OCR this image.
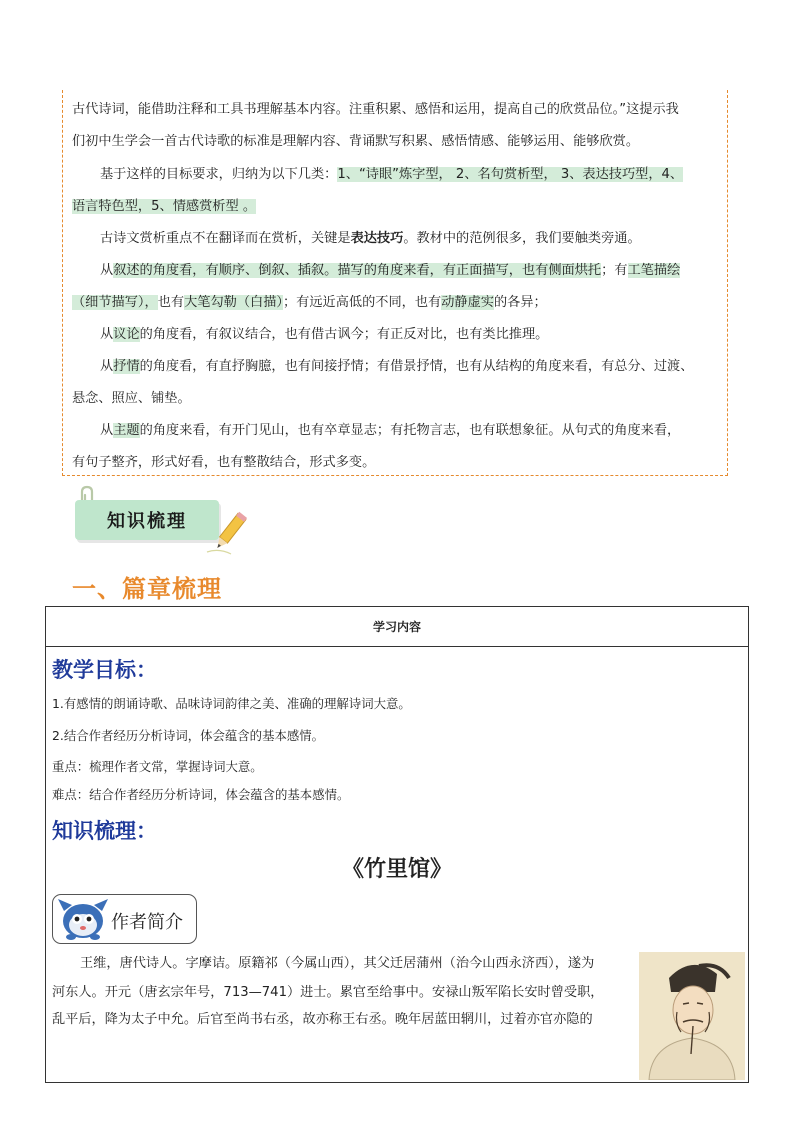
古代诗词，能借助注释和工具书理解基本内容。注重积累、感悟和运用，提高自己的欣赏品位。”这提示我
们初中生学会一首古代诗歌的标准是理解内容、背诵默写积累、感悟情感、能够运用、能够欣赏。
基于这样的目标要求，归纳为以下几类：1、“诗眼”炼字型， 2、名句赏析型， 3、表达技巧型，4、
语言特色型，5、情感赏析型 。
古诗文赏析重点不在翻译而在赏析，关键是表达技巧。教材中的范例很多，我们要触类旁通。
从叙述的角度看，有顺序、倒叙、插叙。描写的角度来看，有正面描写，也有侧面烘托；有工笔描绘
（细节描写），也有大笔勾勒（白描）；有远近高低的不同，也有动静虚实的各异；
从议论的角度看，有叙议结合，也有借古讽今；有正反对比，也有类比推理。
从抒情的角度看，有直抒胸臆，也有间接抒情；有借景抒情，也有从结构的角度来看，有总分、过渡、
悬念、照应、铺垫。
从主题的角度来看，有开门见山，也有卒章显志；有托物言志，也有联想象征。从句式的角度来看，
有句子整齐，形式好看，也有整散结合，形式多变。
知识梳理
一、篇章梳理
学习内容
教学目标：
1.有感情的朗诵诗歌、品味诗词韵律之美、准确的理解诗词大意。
2.结合作者经历分析诗词，体会蕴含的基本感情。
重点：梳理作者文常，掌握诗词大意。
难点：结合作者经历分析诗词，体会蕴含的基本感情。
知识梳理：
《竹里馆》
作者简介
王维，唐代诗人。字摩诘。原籍祁（今属山西），其父迁居蒲州（治今山西永济西），遂为
河东人。开元（唐玄宗年号，713—741）进士。累官至给事中。安禄山叛军陷长安时曾受职，
乱平后，降为太子中允。后官至尚书右丞，故亦称王右丞。晚年居蓝田辋川，过着亦官亦隐的
